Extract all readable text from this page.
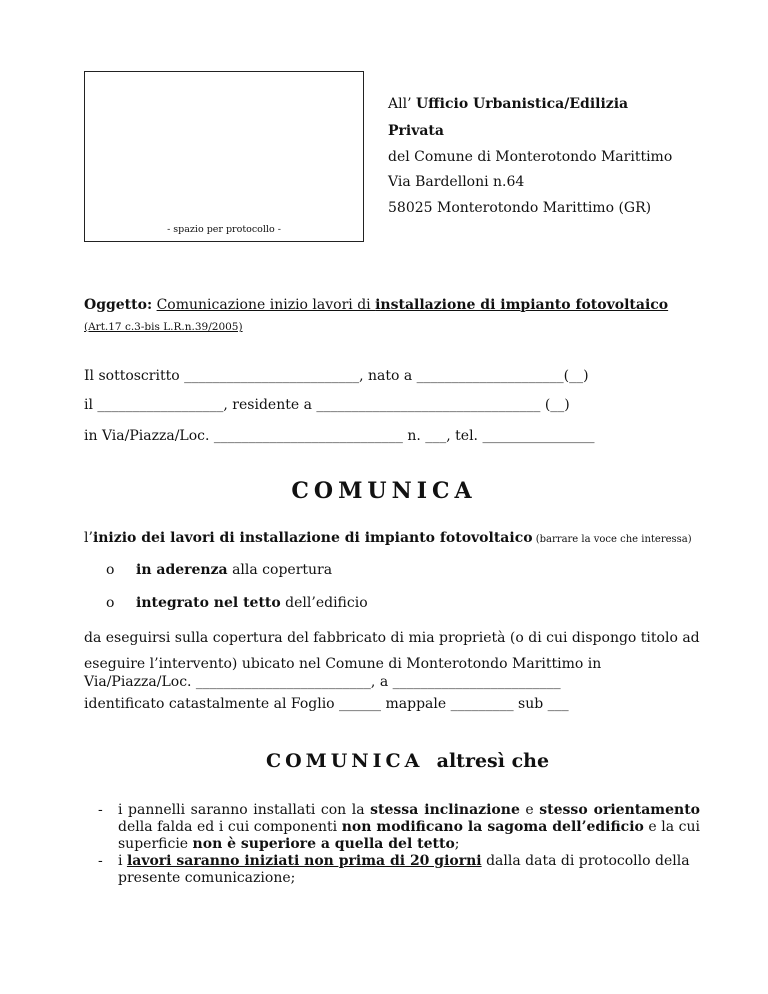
- spazio per protocollo -
All’ Ufficio Urbanistica/Edilizia
Privata
del Comune di Monterotondo Marittimo
Via Bardelloni n.64
58025 Monterotondo Marittimo (GR)
Oggetto: Comunicazione inizio lavori di installazione di impianto fotovoltaico
(Art.17 c.3-bis L.R.n.39/2005)
Il sottoscritto _________________________, nato a _____________________(__)
il __________________, residente a ________________________________ (__)
in Via/Piazza/Loc. ___________________________ n. ___, tel. ________________
COMUNICA
l’inizio dei lavori di installazione di impianto fotovoltaico (barrare la voce che interessa)
o in aderenza alla copertura
o integrato nel tetto dell’edificio
da eseguirsi sulla copertura del fabbricato di mia proprietà (o di cui dispongo titolo ad
eseguire l’intervento) ubicato nel Comune di Monterotondo Marittimo in
Via/Piazza/Loc. _________________________, a ________________________
identificato catastalmente al Foglio ______ mappale _________ sub ___
COMUNICA  altresì che

- i pannelli saranno installati con la stessa inclinazione e stesso orientamento della falda ed i cui componenti non modificano la sagoma dell’edificio e la cui superficie non è superiore a quella del tetto;

- i lavori saranno iniziati non prima di 20 giorni dalla data di protocollo della presente comunicazione;
